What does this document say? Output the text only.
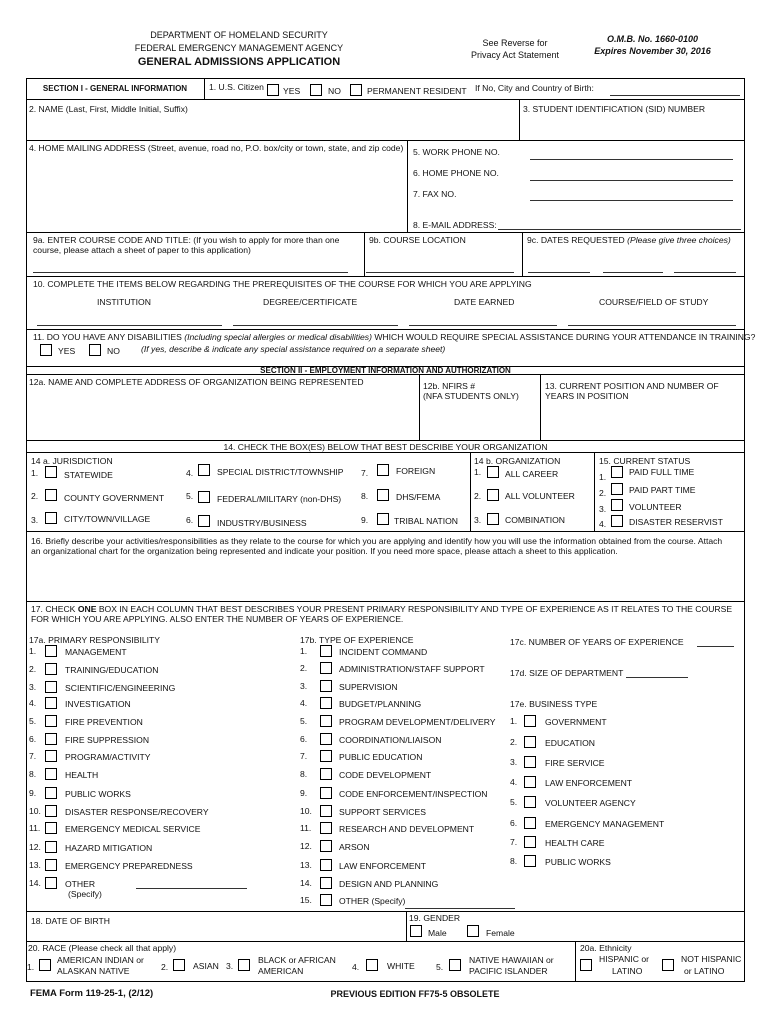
DEPARTMENT OF HOMELAND SECURITY
FEDERAL EMERGENCY MANAGEMENT AGENCY
GENERAL ADMISSIONS APPLICATION
See Reverse for
Privacy Act Statement
O.M.B. No. 1660-0100
Expires November 30, 2016
SECTION I - GENERAL INFORMATION	1. U.S. Citizen YES	NO	PERMANENT RESIDENT If No, City and Country of Birth:
2. NAME (Last, First, Middle Initial, Suffix)	3. STUDENT IDENTIFICATION (SID) NUMBER
4. HOME MAILING ADDRESS (Street, avenue, road no, P.O. box/city or town, state, and zip code) 5. WORK PHONE NO.
6. HOME PHONE NO.
7. FAX NO.
8. E-MAIL ADDRESS:
9a. ENTER COURSE CODE AND TITLE: (If you wish to apply for more than one course, please attach a sheet of paper to this application)
9b. COURSE LOCATION	9c. DATES REQUESTED (Please give three choices)
10. COMPLETE THE ITEMS BELOW REGARDING THE PREREQUISITES OF THE COURSE FOR WHICH YOU ARE APPLYING
INSTITUTION	DEGREE/CERTIFICATE	DATE EARNED	COURSE/FIELD OF STUDY
11. DO YOU HAVE ANY DISABILITIES (Including special allergies or medical disabilities) WHICH WOULD REQUIRE SPECIAL ASSISTANCE DURING YOUR ATTENDANCE IN TRAINING?
YES	NO (If yes, describe & indicate any special assistance required on a separate sheet)
SECTION II - EMPLOYMENT INFORMATION AND AUTHORIZATION
12a. NAME AND COMPLETE ADDRESS OF ORGANIZATION BEING REPRESENTED	12b. NFIRS #
(NFA STUDENTS ONLY)
13. CURRENT POSITION AND NUMBER OF YEARS IN POSITION
14. CHECK THE BOX(ES) BELOW THAT BEST DESCRIBE YOUR ORGANIZATION
14 a. JURISDICTION
1.	STATEWIDE
2.	COUNTY GOVERNMENT
3.	CITY/TOWN/VILLAGE
4.	SPECIAL DISTRICT/TOWNSHIP
5.	FEDERAL/MILITARY (non-DHS)
6.	INDUSTRY/BUSINESS
7.	FOREIGN
8.	DHS/FEMA
9.	TRIBAL NATION
14 b. ORGANIZATION
1.	ALL CAREER
2.	ALL VOLUNTEER
3.	COMBINATION
15. CURRENT STATUS
1.	PAID FULL TIME
2.	PAID PART TIME
3.	VOLUNTEER
4.	DISASTER RESERVIST
16. Briefly describe your activities/responsibilities as they relate to the course for which you are applying and identify how you will use the information obtained from the course. Attach an organizational chart for the organization being represented and indicate your position. If you need more space, please attach a sheet to this application.
17. CHECK ONE BOX IN EACH COLUMN THAT BEST DESCRIBES YOUR PRESENT PRIMARY RESPONSIBILITY AND TYPE OF EXPERIENCE AS IT RELATES TO THE COURSE FOR WHICH YOU ARE APPLYING. ALSO ENTER THE NUMBER OF YEARS OF EXPERIENCE.
17a. PRIMARY RESPONSIBILITY
1.	MANAGEMENT
2.	TRAINING/EDUCATION
3.	SCIENTIFIC/ENGINEERING
4.	INVESTIGATION
5.	FIRE PREVENTION
6.	FIRE SUPPRESSION
7.	PROGRAM/ACTIVITY
8.	HEALTH
9.	PUBLIC WORKS
10.	DISASTER RESPONSE/RECOVERY
11.	EMERGENCY MEDICAL SERVICE
12.	HAZARD MITIGATION
13.	EMERGENCY PREPAREDNESS
14.	OTHER
(Specify)
17b. TYPE OF EXPERIENCE
1.	INCIDENT COMMAND
2.	ADMINISTRATION/STAFF SUPPORT
3.	SUPERVISION
4.	BUDGET/PLANNING
5.	PROGRAM DEVELOPMENT/DELIVERY
6.	COORDINATION/LIAISON
7.	PUBLIC EDUCATION
8.	CODE DEVELOPMENT
9.	CODE ENFORCEMENT/INSPECTION
10.	SUPPORT SERVICES
11.	RESEARCH AND DEVELOPMENT
12.	ARSON
13.	LAW ENFORCEMENT
14.	DESIGN AND PLANNING
15.	OTHER (Specify)
17c. NUMBER OF YEARS OF EXPERIENCE
17d. SIZE OF DEPARTMENT
17e. BUSINESS TYPE
1.	GOVERNMENT
2.	EDUCATION
3.	FIRE SERVICE
4.	LAW ENFORCEMENT
5.	VOLUNTEER AGENCY
6.	EMERGENCY MANAGEMENT
7.	HEALTH CARE
8.	PUBLIC WORKS
18. DATE OF BIRTH	19. GENDER
Male	Female
20. RACE (Please check all that apply)
1.
AMERICAN INDIAN or
ALASKAN NATIVE	2.	ASIAN 3.
BLACK or AFRICAN
AMERICAN	4.	WHITE 5.
NATIVE HAWAIIAN or
PACIFIC ISLANDER
20a. Ethnicity
HISPANIC or
LATINO
NOT HISPANIC
or LATINO
FEMA Form 119-25-1, (2/12)	PREVIOUS EDITION FF75-5 OBSOLETE
